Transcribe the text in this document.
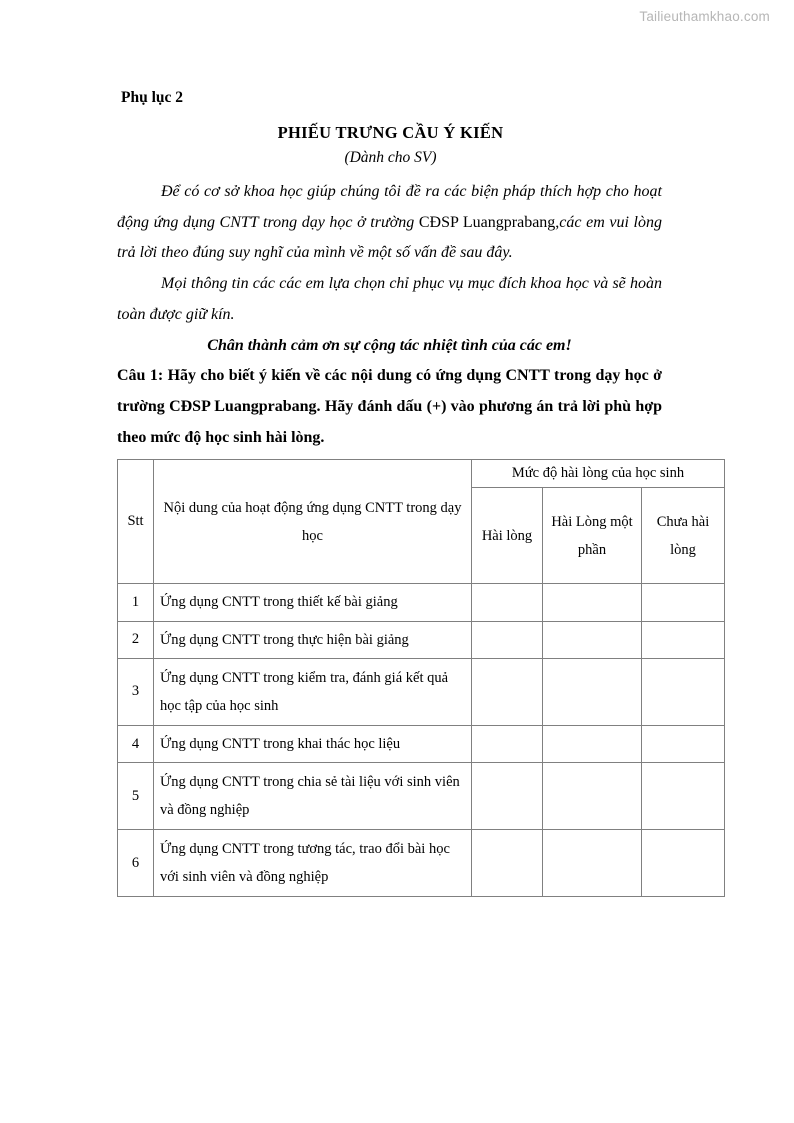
Tailieuthamkhao.com

Phụ lục 2

PHIẾU TRƯNG CẦU Ý KIẾN

(Dành cho SV)

Để có cơ sở khoa học giúp chúng tôi đề ra các biện pháp thích hợp cho hoạt động ứng dụng CNTT trong dạy học ở trường CĐSP Luangprabang,các em vui lòng trả lời theo đúng suy nghĩ của mình về một số vấn đề sau đây.

Mọi thông tin các các em lựa chọn chỉ phục vụ mục đích khoa học và sẽ hoàn toàn được giữ kín.

Chân thành cảm ơn sự cộng tác nhiệt tình của các em!

Câu 1: Hãy cho biết ý kiến về các nội dung có ứng dụng CNTT trong dạy học ở trường CĐSP Luangprabang. Hãy đánh dấu (+) vào phương án trả lời phù hợp theo mức độ học sinh hài lòng.

Stt	Nội dung của hoạt động ứng dụng CNTT trong dạy học	Mức độ hài lòng của học sinh		
		Hài lòng	Hài Lòng một phần	Chưa hài lòng
1	Ứng dụng CNTT trong thiết kế bài giảng			
2	Ứng dụng CNTT trong thực hiện bài giảng			
3	Ứng dụng CNTT trong kiểm tra, đánh giá kết quả học tập của học sinh			
4	Ứng dụng CNTT trong khai thác học liệu			
5	Ứng dụng CNTT trong chia sẻ tài liệu với sinh viên và đồng nghiệp			
6	Ứng dụng CNTT trong tương tác, trao đổi bài học với sinh viên và đồng nghiệp			
